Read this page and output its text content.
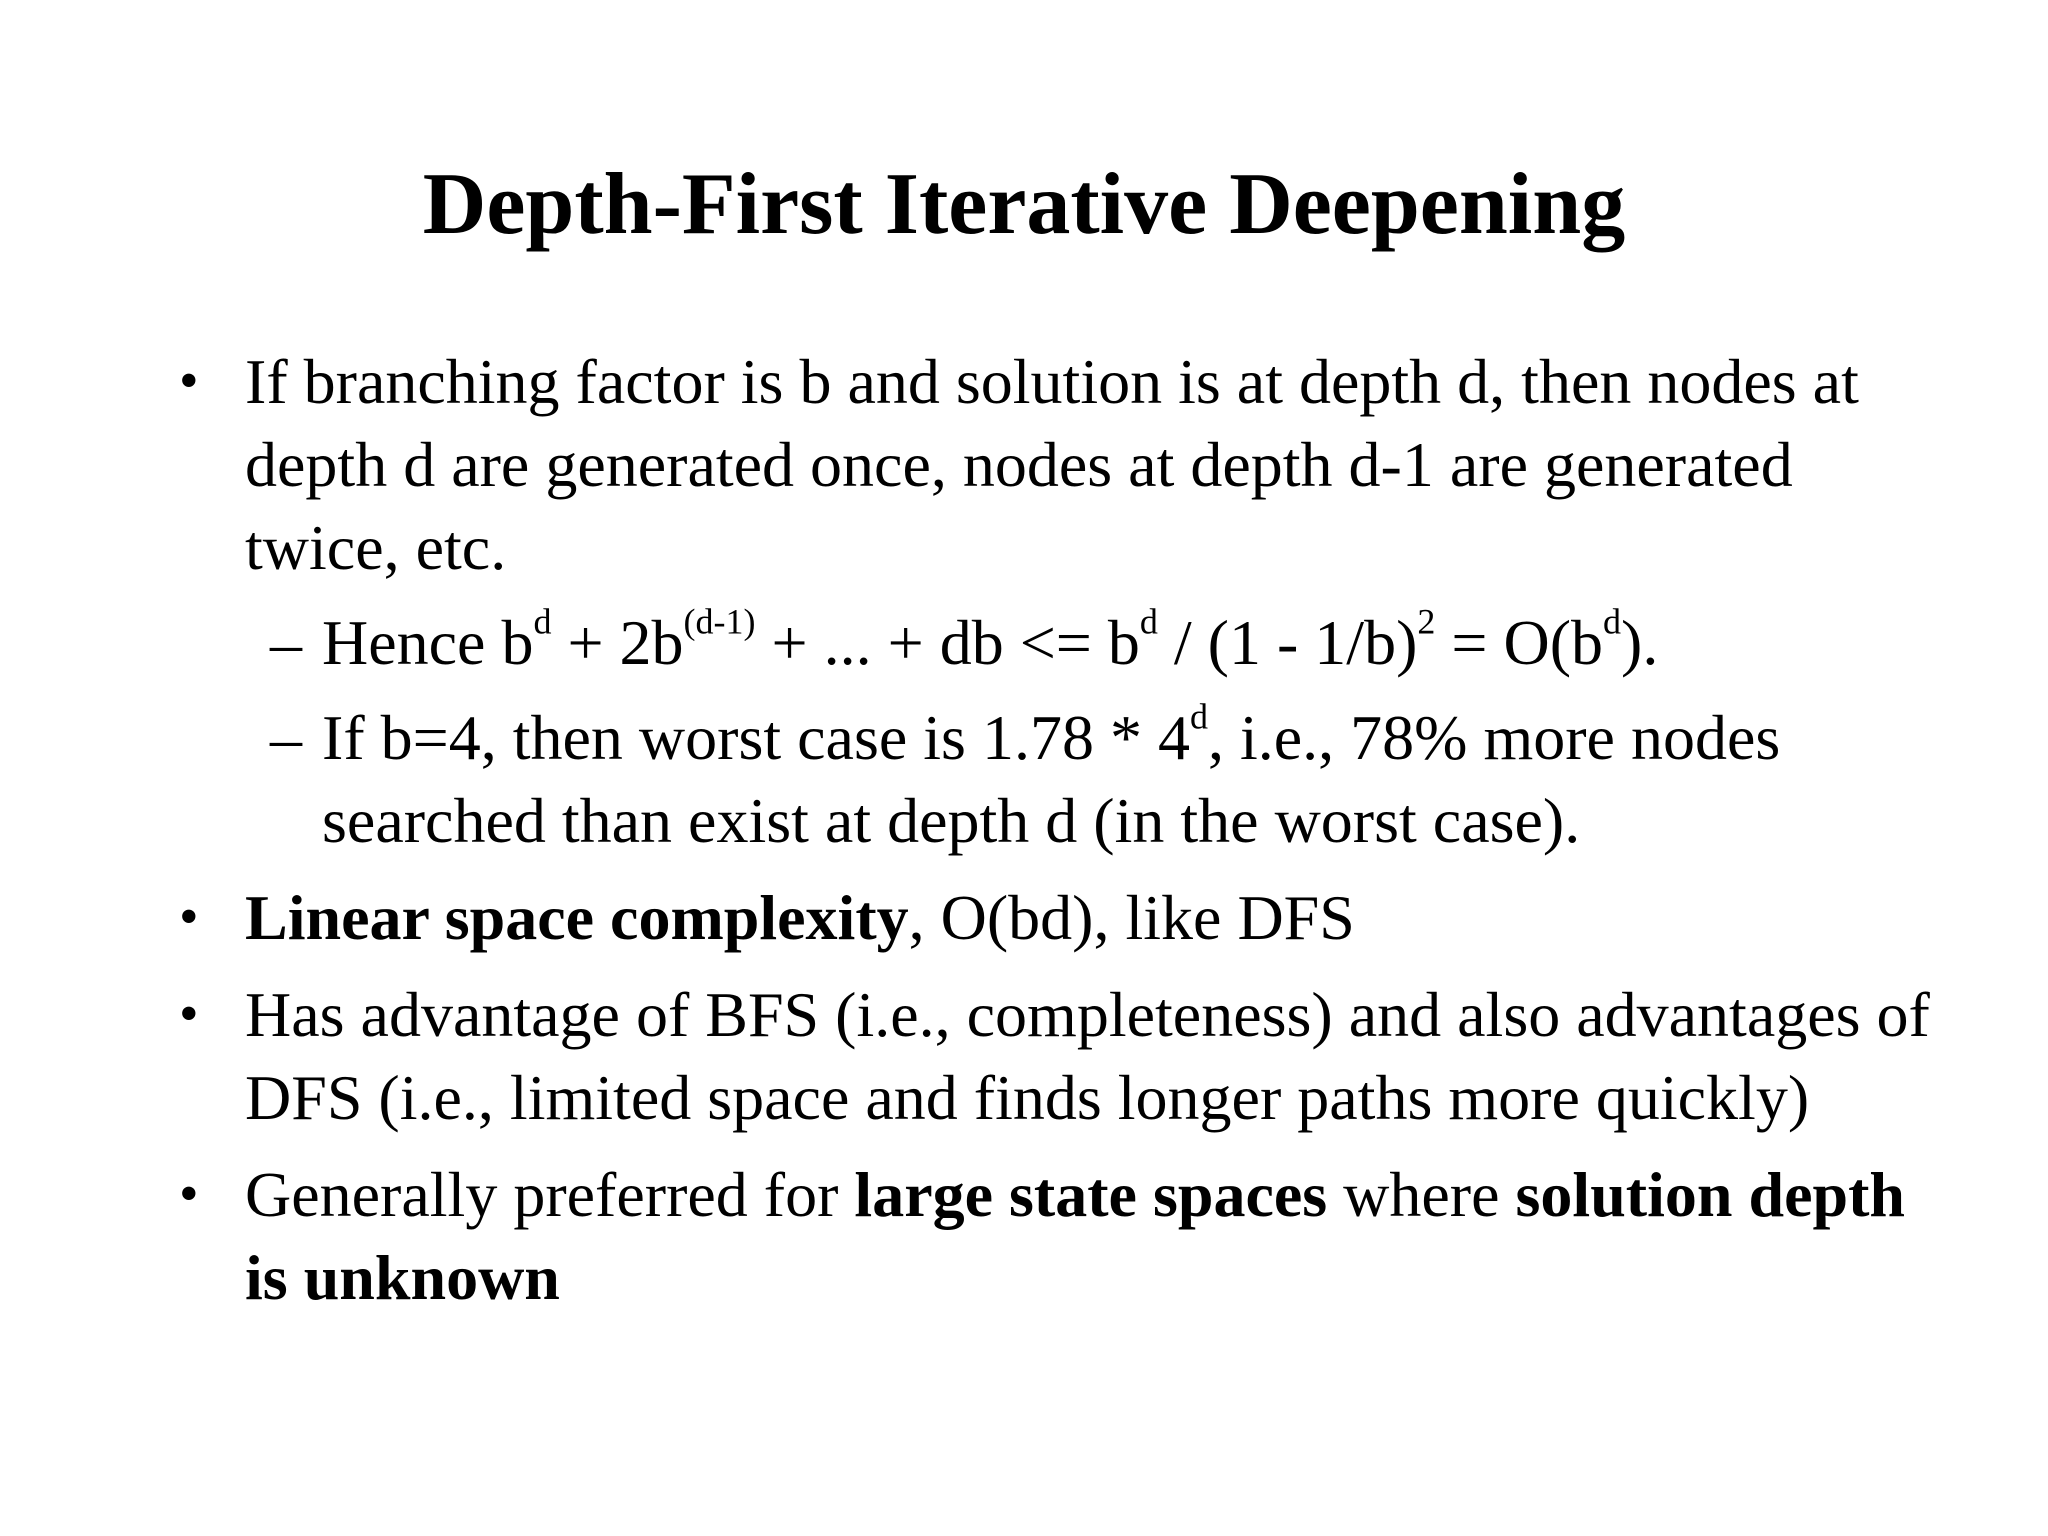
Depth-First Iterative Deepening
• If branching factor is b and solution is at depth d, then nodes at depth d are generated once, nodes at depth d-1 are generated twice, etc.
– Hence $b^d + 2b^{(d-1)}$ + ... + db <= $b^d / (1 - 1/b)^2 = O(b^d)$.
– If b=4, then worst case is 1.78 * 4$^d$, i.e., 78% more nodes searched than exist at depth d (in the worst case).
• Linear space complexity, O(bd), like DFS
• Has advantage of BFS (i.e., completeness) and also advantages of DFS (i.e., limited space and finds longer paths more quickly)
• Generally preferred for large state spaces where solution depth is unknown
